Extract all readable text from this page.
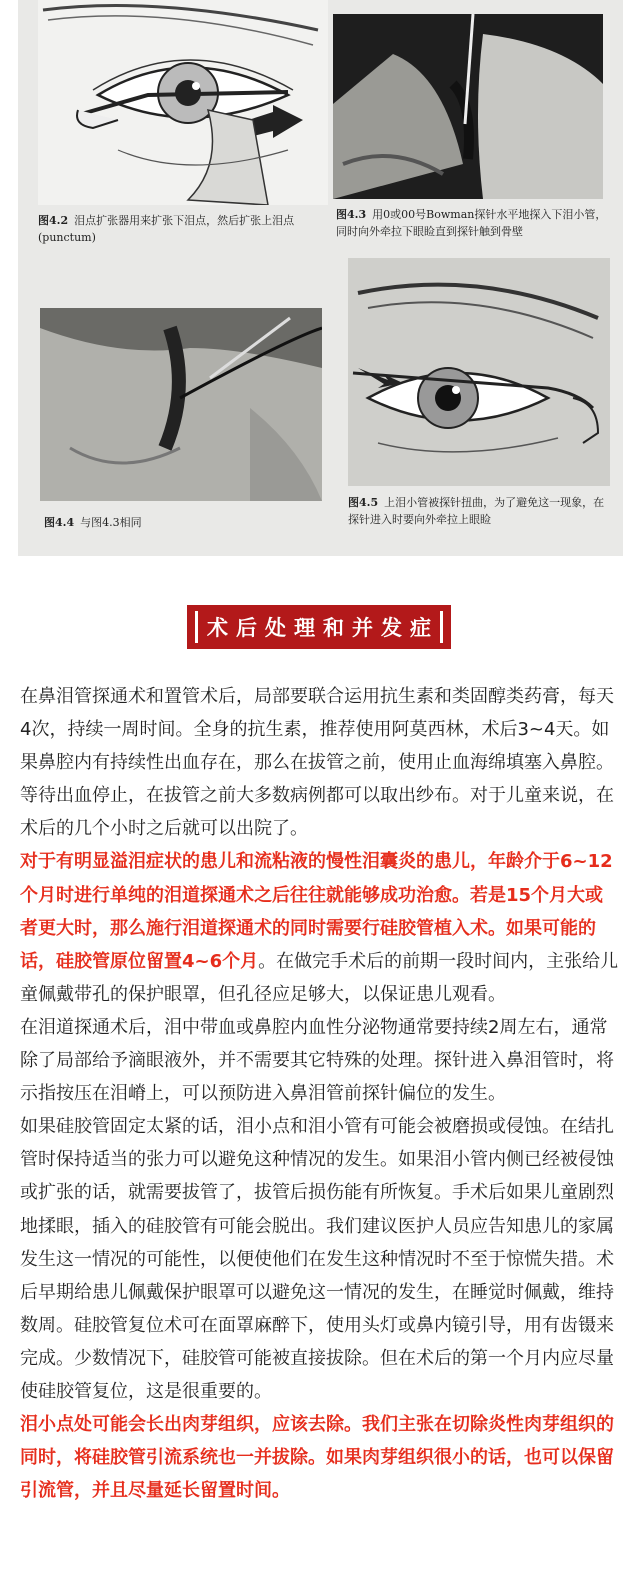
图4.2 泪点扩张器用来扩张下泪点，然后扩张上泪点(punctum)
图4.3 用0或00号Bowman探针水平地探入下泪小管，同时向外牵拉下眼睑直到探针触到骨壁
图4.4 与图4.3相同
图4.5 上泪小管被探针扭曲，为了避免这一现象，在探针进入时要向外牵拉上眼睑
术后处理和并发症

在鼻泪管探通术和置管术后，局部要联合运用抗生素和类固醇类药膏，每天4次，持续一周时间。全身的抗生素，推荐使用阿莫西林，术后3~4天。如果鼻腔内有持续性出血存在，那么在拔管之前，使用止血海绵填塞入鼻腔。等待出血停止，在拔管之前大多数病例都可以取出纱布。对于儿童来说，在术后的几个小时之后就可以出院了。

对于有明显溢泪症状的患儿和流粘液的慢性泪囊炎的患儿，年龄介于6~12个月时进行单纯的泪道探通术之后往往就能够成功治愈。若是15个月大或者更大时，那么施行泪道探通术的同时需要行硅胶管植入术。如果可能的话，硅胶管原位留置4~6个月。在做完手术后的前期一段时间内，主张给儿童佩戴带孔的保护眼罩，但孔径应足够大，以保证患儿观看。

在泪道探通术后，泪中带血或鼻腔内血性分泌物通常要持续2周左右，通常除了局部给予滴眼液外，并不需要其它特殊的处理。探针进入鼻泪管时，将示指按压在泪嵴上，可以预防进入鼻泪管前探针偏位的发生。

如果硅胶管固定太紧的话，泪小点和泪小管有可能会被磨损或侵蚀。在结扎管时保持适当的张力可以避免这种情况的发生。如果泪小管内侧已经被侵蚀或扩张的话，就需要拔管了，拔管后损伤能有所恢复。手术后如果儿童剧烈地揉眼，插入的硅胶管有可能会脱出。我们建议医护人员应告知患儿的家属发生这一情况的可能性，以便使他们在发生这种情况时不至于惊慌失措。术后早期给患儿佩戴保护眼罩可以避免这一情况的发生，在睡觉时佩戴，维持数周。硅胶管复位术可在面罩麻醉下，使用头灯或鼻内镜引导，用有齿镊来完成。少数情况下，硅胶管可能被直接拔除。但在术后的第一个月内应尽量使硅胶管复位，这是很重要的。

泪小点处可能会长出肉芽组织，应该去除。我们主张在切除炎性肉芽组织的同时，将硅胶管引流系统也一并拔除。如果肉芽组织很小的话，也可以保留引流管，并且尽量延长留置时间。
